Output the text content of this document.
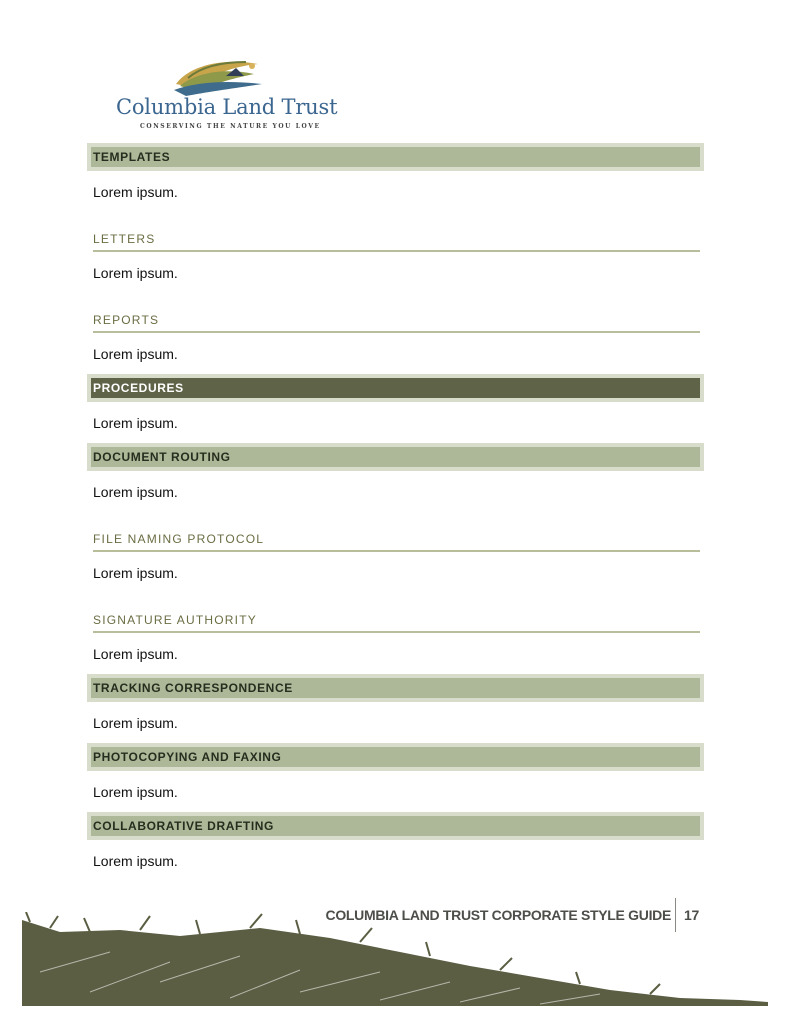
Columbia Land Trust
CONSERVING THE NATURE YOU LOVE
TEMPLATES
Lorem ipsum.
LETTERS
Lorem ipsum.
REPORTS
Lorem ipsum.
PROCEDURES
Lorem ipsum.
DOCUMENT ROUTING
Lorem ipsum.
FILE NAMING PROTOCOL
Lorem ipsum.
SIGNATURE AUTHORITY
Lorem ipsum.
TRACKING CORRESPONDENCE
Lorem ipsum.
PHOTOCOPYING AND FAXING
Lorem ipsum.
COLLABORATIVE DRAFTING
Lorem ipsum.
COLUMBIA LAND TRUST CORPORATE STYLE GUIDE 17
